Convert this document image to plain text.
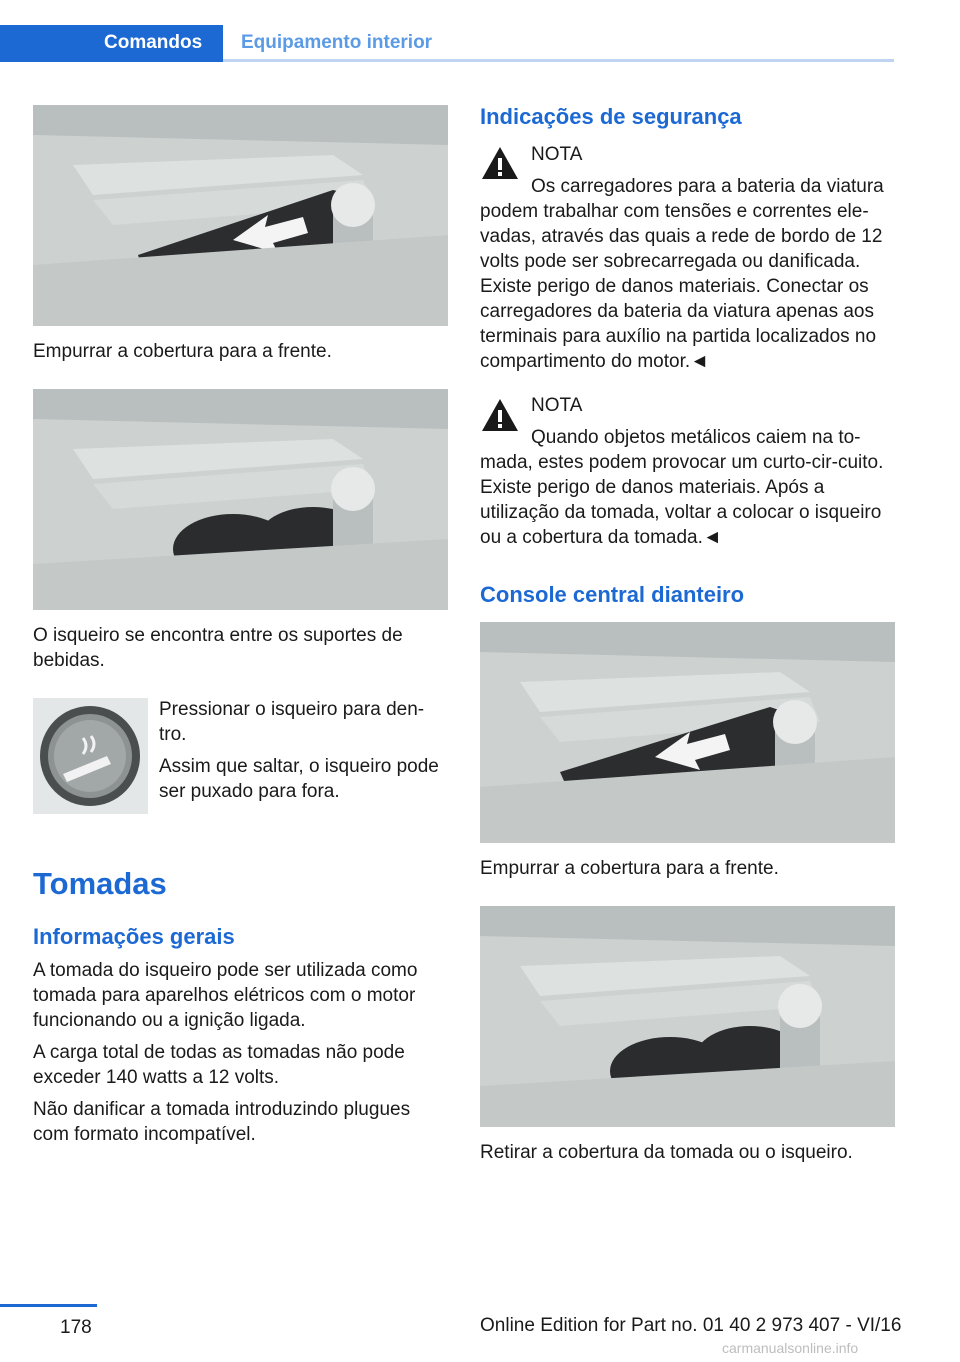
Comandos	Equipamento interior
Empurrar a cobertura para a frente.
O isqueiro se encontra entre os suportes de bebidas.
Pressionar o isqueiro para den-tro.
Assim que saltar, o isqueiro pode ser puxado para fora.
Tomadas
Informações gerais
A tomada do isqueiro pode ser utilizada como tomada para aparelhos elétricos com o motor funcionando ou a ignição ligada.
A carga total de todas as tomadas não pode exceder 140 watts a 12 volts.
Não danificar a tomada introduzindo plugues com formato incompatível.
Indicações de segurança
NOTA
Os carregadores para a bateria da viatura podem trabalhar com tensões e correntes ele-vadas, através das quais a rede de bordo de 12 volts pode ser sobrecarregada ou danificada. Existe perigo de danos materiais. Conectar os carregadores da bateria da viatura apenas aos terminais para auxílio na partida localizados no compartimento do motor.◄
NOTA
Quando objetos metálicos caiem na to-mada, estes podem provocar um curto-cir-cuito. Existe perigo de danos materiais. Após a utilização da tomada, voltar a colocar o isqueiro ou a cobertura da tomada.◄
Console central dianteiro
Empurrar a cobertura para a frente.
Retirar a cobertura da tomada ou o isqueiro.
178	Online Edition for Part no. 01 40 2 973 407 - VI/16
carmanualsonline.info
